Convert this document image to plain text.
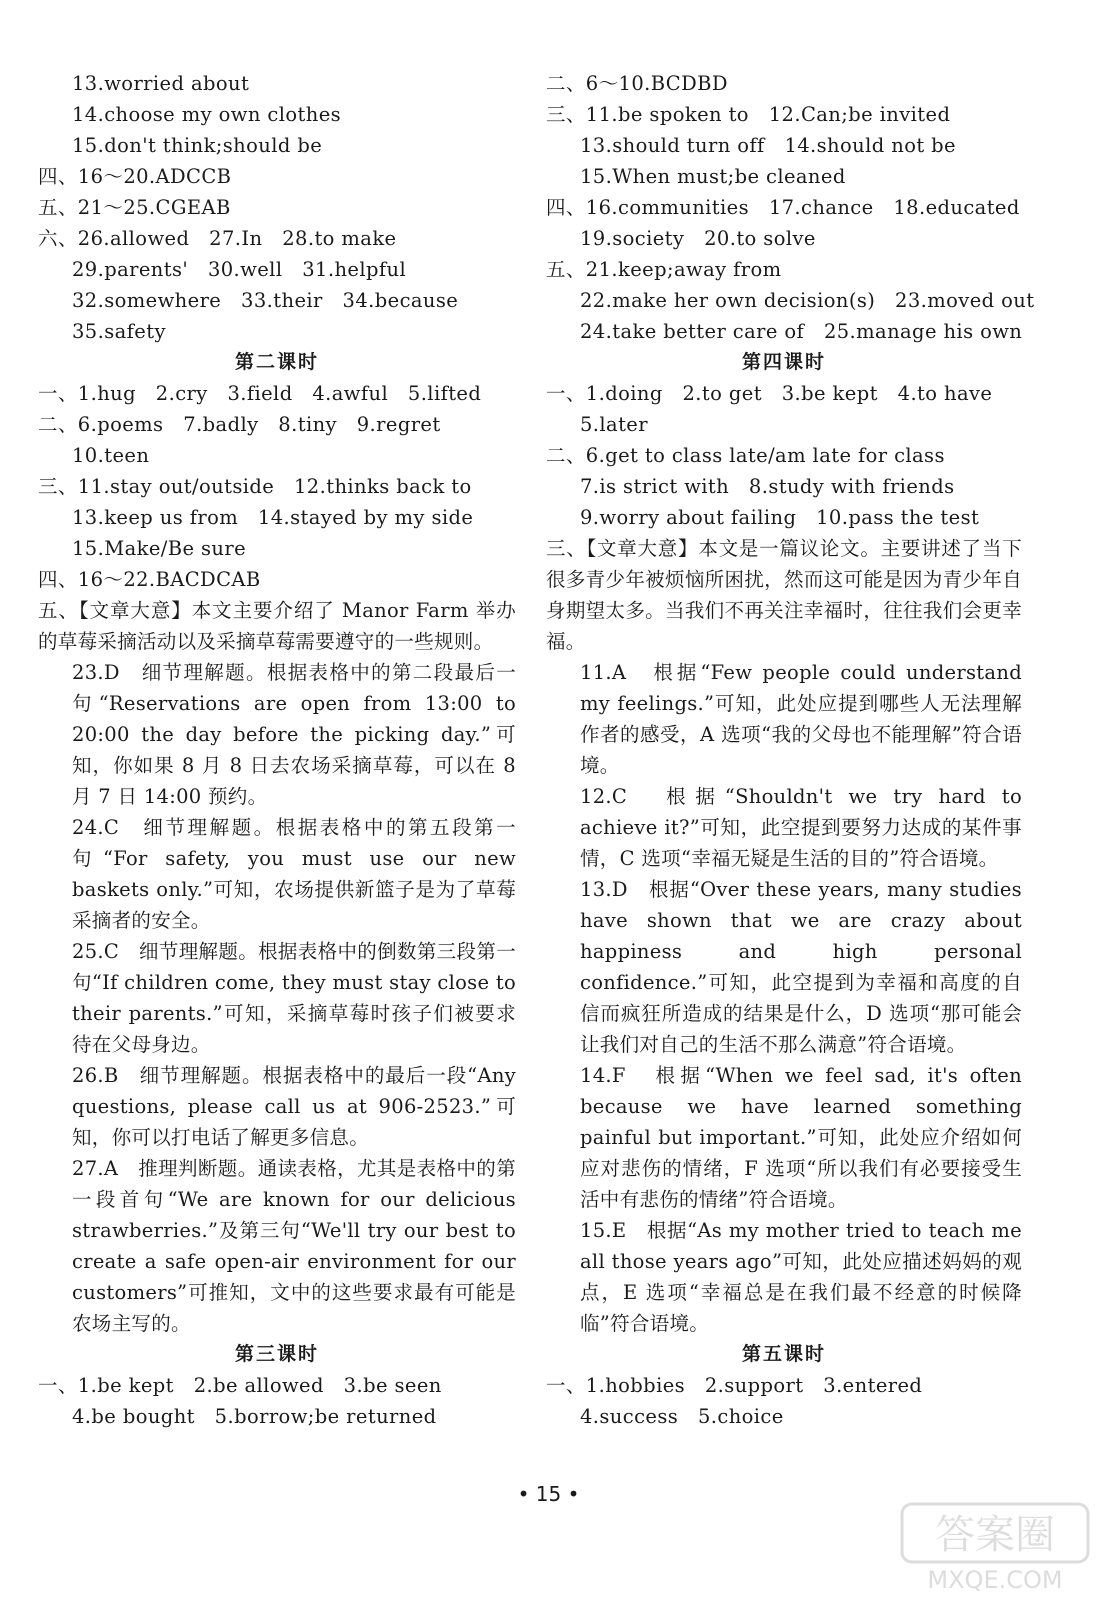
13.worried about
14.choose my own clothes
15.don't think;should be
四、16～20.ADCCB
五、21～25.CGEAB
六、26.allowed   27.In   28.to make
29.parents'   30.well   31.helpful
32.somewhere   33.their   34.because
35.safety
第二课时
一、1.hug   2.cry   3.field   4.awful   5.lifted
二、6.poems   7.badly   8.tiny   9.regret
10.teen
三、11.stay out/outside   12.thinks back to
13.keep us from   14.stayed by my side
15.Make/Be sure
四、16～22.BACDCAB
五、【文章大意】本文主要介绍了 Manor Farm 举办的草莓采摘活动以及采摘草莓需要遵守的一些规则。
23.D　细节理解题。根据表格中的第二段最后一句“Reservations are open from 13:00 to 20:00 the day before the picking day.”可知，你如果 8 月 8 日去农场采摘草莓，可以在 8 月 7 日 14:00 预约。
24.C　细节理解题。根据表格中的第五段第一句“For safety, you must use our new baskets only.”可知，农场提供新篮子是为了草莓采摘者的安全。
25.C　细节理解题。根据表格中的倒数第三段第一句“If children come, they must stay close to their parents.”可知，采摘草莓时孩子们被要求待在父母身边。
26.B　细节理解题。根据表格中的最后一段“Any questions, please call us at 906-2523.”可知，你可以打电话了解更多信息。
27.A　推理判断题。通读表格，尤其是表格中的第一段首句“We are known for our delicious strawberries.”及第三句“We'll try our best to create a safe open-air environment for our customers”可推知，文中的这些要求最有可能是农场主写的。
第三课时
一、1.be kept   2.be allowed   3.be seen
4.be bought   5.borrow;be returned
二、6～10.BCDBD
三、11.be spoken to   12.Can;be invited
13.should turn off   14.should not be
15.When must;be cleaned
四、16.communities   17.chance   18.educated
19.society   20.to solve
五、21.keep;away from
22.make her own decision(s)   23.moved out
24.take better care of   25.manage his own
第四课时
一、1.doing   2.to get   3.be kept   4.to have
5.later
二、6.get to class late/am late for class
7.is strict with   8.study with friends
9.worry about failing   10.pass the test
三、【文章大意】本文是一篇议论文。主要讲述了当下很多青少年被烦恼所困扰，然而这可能是因为青少年自身期望太多。当我们不再关注幸福时，往往我们会更幸福。
11.A　根据“Few people could understand my feelings.”可知，此处应提到哪些人无法理解作者的感受，A 选项“我的父母也不能理解”符合语境。
12.C　根据“Shouldn't we try hard to achieve it?”可知，此空提到要努力达成的某件事情，C 选项“幸福无疑是生活的目的”符合语境。
13.D　根据“Over these years, many studies have shown that we are crazy about happiness and high personal confidence.”可知，此空提到为幸福和高度的自信而疯狂所造成的结果是什么，D 选项“那可能会让我们对自己的生活不那么满意”符合语境。
14.F　根据“When we feel sad, it's often because we have learned something painful but important.”可知，此处应介绍如何应对悲伤的情绪，F 选项“所以我们有必要接受生活中有悲伤的情绪”符合语境。
15.E　根据“As my mother tried to teach me all those years ago”可知，此处应描述妈妈的观点，E 选项“幸福总是在我们最不经意的时候降临”符合语境。
第五课时
一、1.hobbies   2.support   3.entered
4.success   5.choice
• 15 •
答案圈
MXQE.COM
